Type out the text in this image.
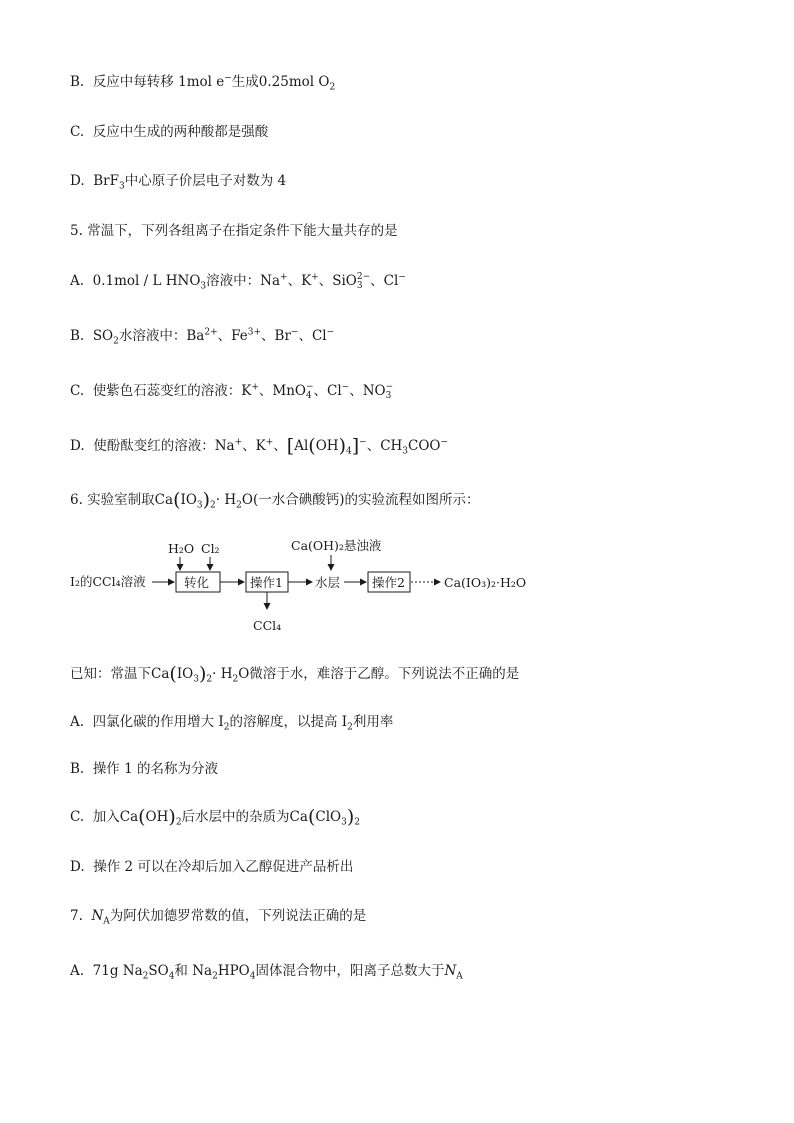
B. 反应中每转移 1mol e−生成0.25mol $O_2$
C. 反应中生成的两种酸都是强酸
D. BrF$_3$中心原子价层电子对数为 4
5. 常温下，下列各组离子在指定条件下能大量共存的是
A. 0.1mol / L $HNO_3$溶液中：Na+、K+、SiO 2−
3 、Cl−
B. $SO_2$水溶液中：$Ba^{2+}$、$Fe^{3+}$、Br−、Cl−
C. 使紫色石蕊变红的溶液：K+、MnO −
4 、Cl−、NO −
3
D. 使酚酞变红的溶液：Na+、K+、$[Al(OH)_4]^-$、$CH_3COO^-$
6. 实验室制取$Ca(IO_3)_2\cdot H_2O$(一水合碘酸钙)的实验流程如图所示：
I₂的CCl₄溶液
H₂O Cl₂
转化	操作1
CCl₄
Ca(OH)₂悬浊液
水层	操作2	Ca(IO₃)₂·H₂O
已知：常温下$Ca(IO_3)_2\cdot H_2O$微溶于水，难溶于乙醇。下列说法不正确的是
A. 四氯化碳的作用增大 $I_2$的溶解度，以提高 $I_2$利用率
B. 操作 1 的名称为分液
C. 加入$Ca(OH)_2$后水层中的杂质为$Ca(ClO_3)_2$
D. 操作 2 可以在冷却后加入乙醇促进产品析出
7. $N_A$为阿伏加德罗常数的值，下列说法正确的是
A. 71g $Na_2SO_4$和 $Na_2HPO_4$固体混合物中，阳离子总数大于$N_A$
